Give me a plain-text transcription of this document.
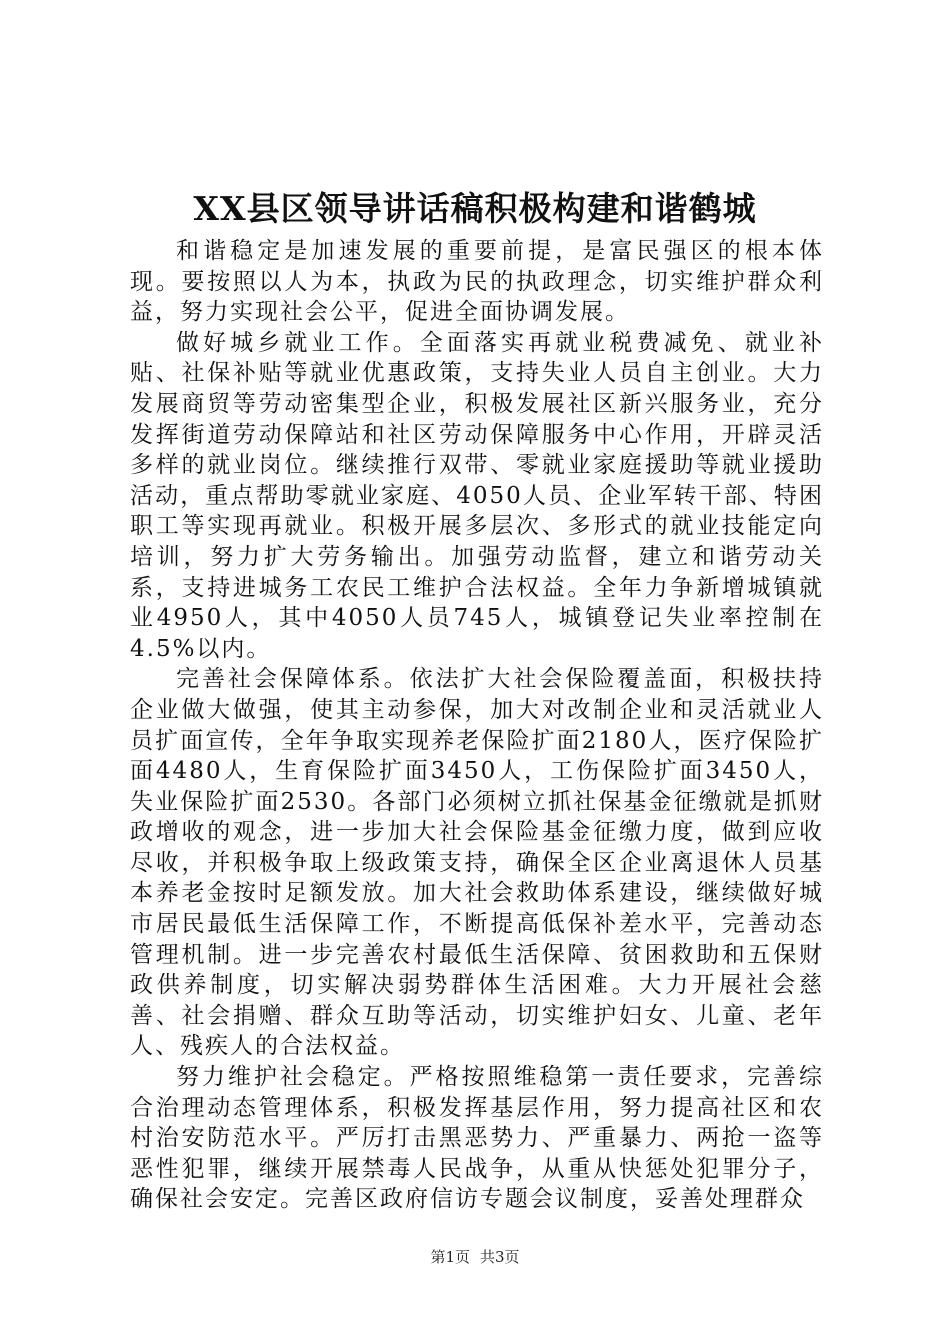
XX县区领导讲话稿积极构建和谐鹤城

和谐稳定是加速发展的重要前提，是富民强区的根本体现。要按照以人为本，执政为民的执政理念，切实维护群众利益，努力实现社会公平，促进全面协调发展。

做好城乡就业工作。全面落实再就业税费减免、就业补贴、社保补贴等就业优惠政策，支持失业人员自主创业。大力发展商贸等劳动密集型企业，积极发展社区新兴服务业，充分发挥街道劳动保障站和社区劳动保障服务中心作用，开辟灵活多样的就业岗位。继续推行双带、零就业家庭援助等就业援助活动，重点帮助零就业家庭、4050人员、企业军转干部、特困职工等实现再就业。积极开展多层次、多形式的就业技能定向培训，努力扩大劳务输出。加强劳动监督，建立和谐劳动关系，支持进城务工农民工维护合法权益。全年力争新增城镇就业4950人，其中4050人员745人，城镇登记失业率控制在4.5%以内。

完善社会保障体系。依法扩大社会保险覆盖面，积极扶持企业做大做强，使其主动参保，加大对改制企业和灵活就业人员扩面宣传，全年争取实现养老保险扩面2180人，医疗保险扩面4480人，生育保险扩面3450人，工伤保险扩面3450人，失业保险扩面2530。各部门必须树立抓社保基金征缴就是抓财政增收的观念，进一步加大社会保险基金征缴力度，做到应收尽收，并积极争取上级政策支持，确保全区企业离退休人员基本养老金按时足额发放。加大社会救助体系建设，继续做好城市居民最低生活保障工作，不断提高低保补差水平，完善动态管理机制。进一步完善农村最低生活保障、贫困救助和五保财政供养制度，切实解决弱势群体生活困难。大力开展社会慈善、社会捐赠、群众互助等活动，切实维护妇女、儿童、老年人、残疾人的合法权益。

努力维护社会稳定。严格按照维稳第一责任要求，完善综合治理动态管理体系，积极发挥基层作用，努力提高社区和农村治安防范水平。严厉打击黑恶势力、严重暴力、两抢一盗等恶性犯罪，继续开展禁毒人民战争，从重从快惩处犯罪分子，确保社会安定。完善区政府信访专题会议制度，妥善处理群众

第1页 共3页
